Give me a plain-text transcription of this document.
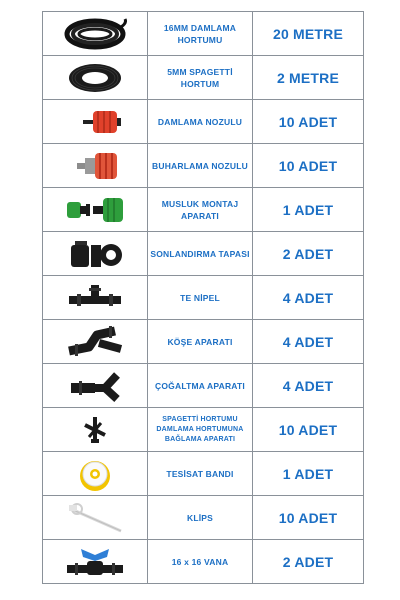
	16MM DAMLAMA HORTUMU	20 METRE

	5MM SPAGETTİ HORTUM	2 METRE

	DAMLAMA NOZULU	10 ADET

	BUHARLAMA NOZULU	10 ADET

	MUSLUK MONTAJ APARATI	1 ADET

	SONLANDIRMA TAPASI	2 ADET

	TE NİPEL	4 ADET

	KÖŞE APARATI	4 ADET

	ÇOĞALTMA APARATI	4 ADET

	SPAGETTİ HORTUMU DAMLAMA HORTUMUNA BAĞLAMA APARATI	10 ADET

	TESİSAT BANDI	1 ADET

	KLİPS	10 ADET

	16 x 16 VANA	2 ADET
